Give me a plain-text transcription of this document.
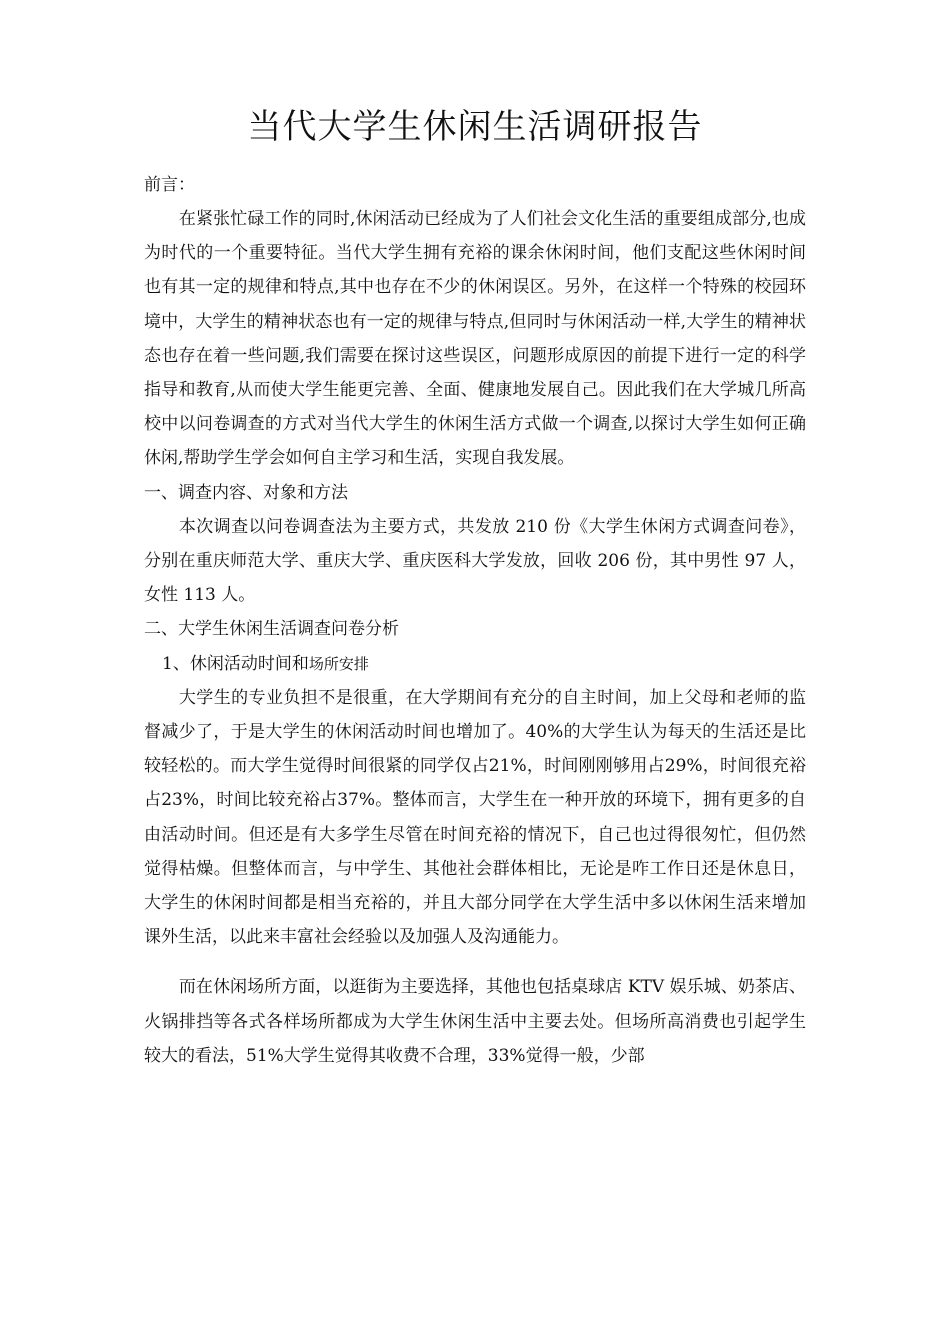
当代大学生休闲生活调研报告
前言：

在紧张忙碌工作的同时,休闲活动已经成为了人们社会文化生活的重要组成部分,也成为时代的一个重要特征。当代大学生拥有充裕的课余休闲时间，他们支配这些休闲时间也有其一定的规律和特点,其中也存在不少的休闲误区。另外，在这样一个特殊的校园环境中，大学生的精神状态也有一定的规律与特点,但同时与休闲活动一样,大学生的精神状态也存在着一些问题,我们需要在探讨这些误区，问题形成原因的前提下进行一定的科学指导和教育,从而使大学生能更完善、全面、健康地发展自己。因此我们在大学城几所高校中以问卷调查的方式对当代大学生的休闲生活方式做一个调查,以探讨大学生如何正确休闲,帮助学生学会如何自主学习和生活，实现自我发展。

一、调查内容、对象和方法

本次调查以问卷调查法为主要方式，共发放 210 份《大学生休闲方式调查问卷》，分别在重庆师范大学、重庆大学、重庆医科大学发放，回收 206 份，其中男性 97 人，女性 113 人。

二、大学生休闲生活调查问卷分析
1、休闲活动时间和场所安排

大学生的专业负担不是很重，在大学期间有充分的自主时间，加上父母和老师的监督减少了，于是大学生的休闲活动时间也增加了。40%的大学生认为每天的生活还是比较轻松的。而大学生觉得时间很紧的同学仅占21%，时间刚刚够用占29%，时间很充裕占23%，时间比较充裕占37%。整体而言，大学生在一种开放的环境下，拥有更多的自由活动时间。但还是有大多学生尽管在时间充裕的情况下，自己也过得很匆忙，但仍然觉得枯燥。但整体而言，与中学生、其他社会群体相比，无论是咋工作日还是休息日，大学生的休闲时间都是相当充裕的，并且大部分同学在大学生活中多以休闲生活来增加课外生活，以此来丰富社会经验以及加强人及沟通能力。

而在休闲场所方面，以逛街为主要选择，其他也包括桌球店 KTV 娱乐城、奶茶店、火锅排挡等各式各样场所都成为大学生休闲生活中主要去处。但场所高消费也引起学生较大的看法，51%大学生觉得其收费不合理，33%觉得一般，少部
